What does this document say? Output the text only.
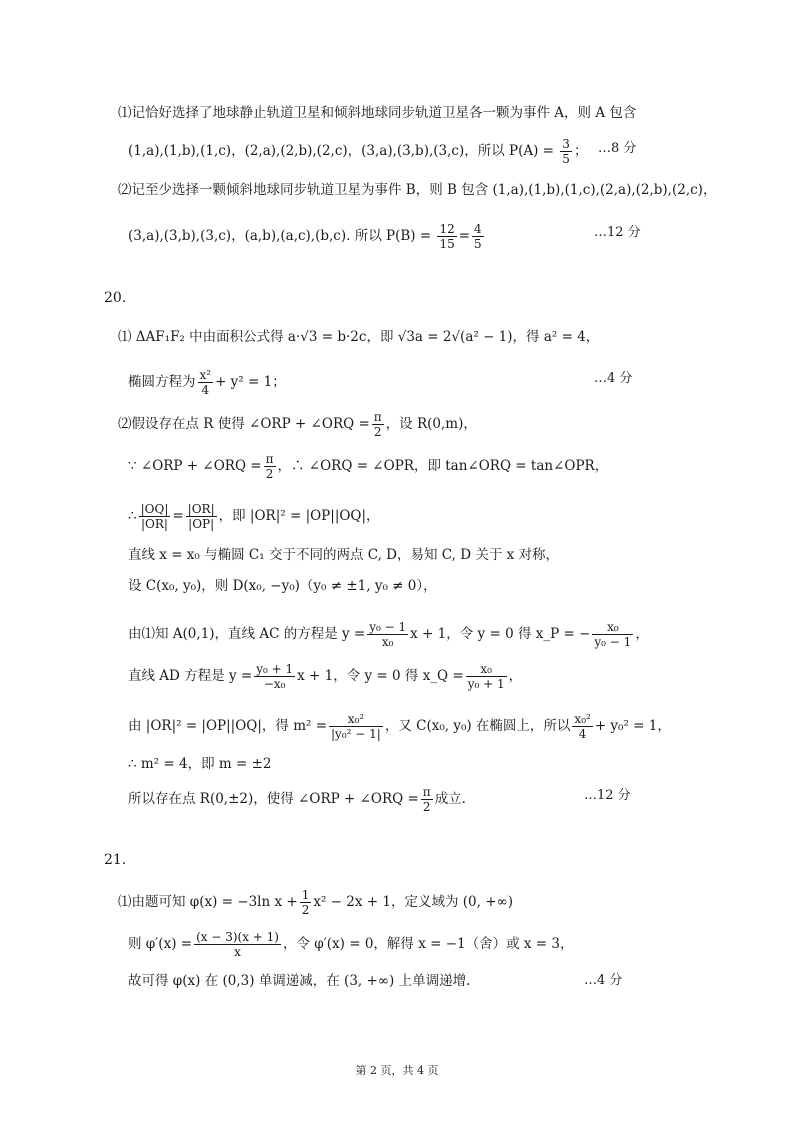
⑴记恰好选择了地球静止轨道卫星和倾斜地球同步轨道卫星各一颗为事件 A，则 A 包含
(1,a),(1,b),(1,c)，(2,a),(2,b),(2,c)，(3,a),(3,b),(3,c)，所以 $P(A) = \frac{3}{5}$ ； …8 分
⑵记至少选择一颗倾斜地球同步轨道卫星为事件 B，则 B 包含 (1,a),(1,b),(1,c),(2,a),(2,b),(2,c)，
(3,a),(3,b),(3,c)，(a,b),(a,c),(b,c). 所以 $P(B) = \frac{12}{15} = \frac{4}{5}$	…12 分
20.
⑴ ΔAF₁F₂ 中由面积公式得 a·√3 = b·2c，即 √3a = 2√(a² − 1)，得 a² = 4，
椭圆方程为 $\frac{\text{x²}}{4} + y^2 = 1$；	…4 分
⑵假设存在点 R 使得 ∠ORP + ∠ORQ = $\frac{\pi}{2}$ ，设 R(0,m)，
∵ ∠ORP + ∠ORQ = $\frac{\pi}{2}$ ，∴ ∠ORQ = ∠OPR，即 tan∠ORQ = tan∠OPR，
∴ $\frac{|OQ|}{|OR|} = \frac{|OR|}{|OP|}$ ，即 |OR|² = |OP||OQ|，
直线 x = x₀ 与椭圆 C₁ 交于不同的两点 C, D，易知 C, D 关于 x 对称，
设 C(x₀, y₀)，则 D(x₀, −y₀)（y₀ ≠ ±1, y₀ ≠ 0），
由⑴知 A(0,1)，直线 AC 的方程是 $y = \frac{\text{y₀ − 1}}{\text{x₀}}$ x + 1，令 y = 0 得 x_P = − $\frac{\text{x₀}}{\text{y₀ − 1}}$ ，
直线 AD 方程是 $y = \frac{\text{y₀ + 1}}{\text{−x₀}}$ x + 1，令 y = 0 得 x_Q = $\frac{\text{x₀}}{\text{y₀ + 1}}$ ，
由 |OR|² = |OP||OQ|，得 $m^2 = \frac{\text{x₀²}}{\text{|y₀² − 1|}}$ ，又 C(x₀, y₀) 在椭圆上，所以 $\frac{\text{x₀²}}{4} + y_0^2 = 1$，
∴ m² = 4，即 m = ±2
所以存在点 R(0,±2)，使得 ∠ORP + ∠ORQ = $\frac{\pi}{2}$ 成立.	…12 分
21.
⑴由题可知 φ(x) = −3ln $x + \frac{1}{2} x^2 - 2x + 1$，定义域为 (0, +∞)
则 $\varphi'(x) = \frac{(x - 3)(x + 1)}{x}$ ，令 φ′(x) = 0，解得 x = −1（舍）或 x = 3，
故可得 φ(x) 在 (0,3) 单调递减，在 (3, +∞) 上单调递增.	…4 分
第 2 页，共 4 页
